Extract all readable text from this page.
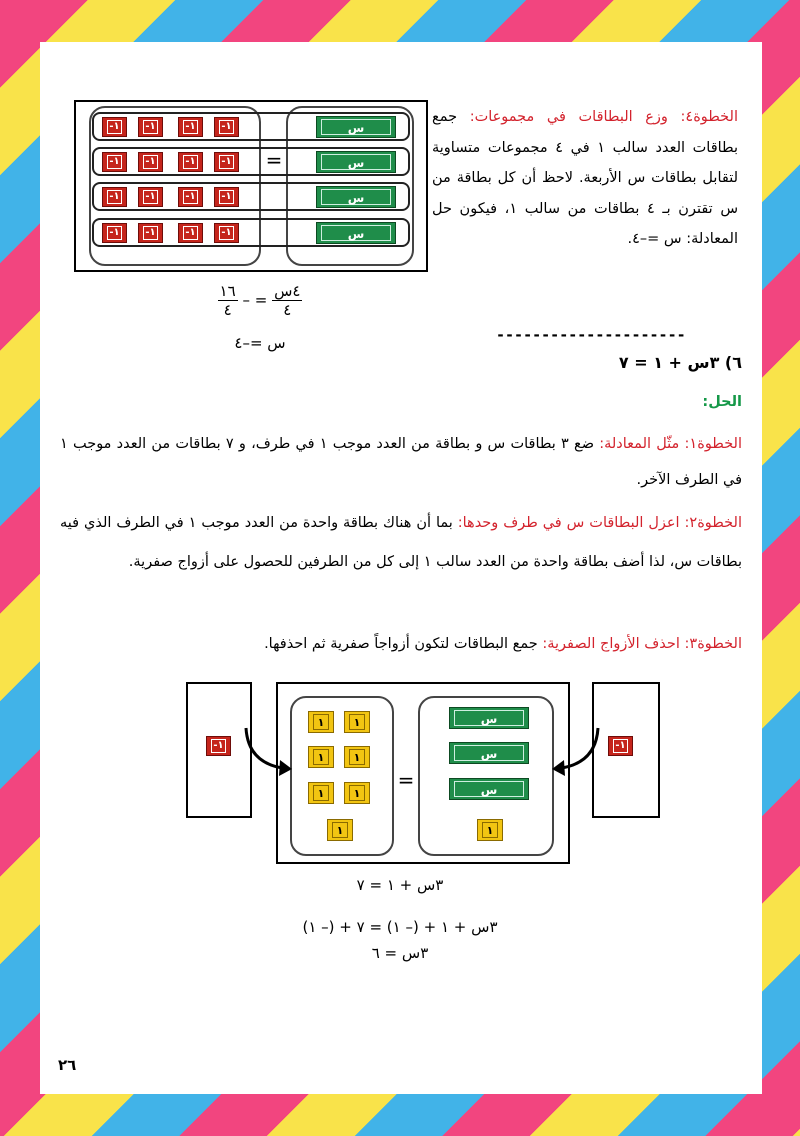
=
-١	-١	-١	-١	س
-١	-١	-١	-١	س
-١	-١	-١	-١	س
-١	-١	-١	-١	س
$\frac{\text{٤س}}{٤}$
= –
$\frac{١٦}{٤}$
س =–٤
الخطوة٤: وزع البطاقات في مجموعات: جمع بطاقات العدد سالب ١ في ٤ مجموعات متساوية لتقابل بطاقات س الأربعة. لاحظ أن كل بطاقة من س تقترن بـ ٤ بطاقات من سالب ١، فيكون حل المعادلة: س =–٤.
---------------------
٦) ٣س + ١ = ٧
الحل:
الخطوة١: مثّل المعادلة: ضع ٣ بطاقات س و بطاقة من العدد موجب ١ في طرف، و ٧ بطاقات من العدد موجب ١ في الطرف الآخر.
الخطوة٢: اعزل البطاقات س في طرف وحدها: بما أن هناك بطاقة واحدة من العدد موجب ١ في الطرف الذي فيه بطاقات س، لذا أضف بطاقة واحدة من العدد سالب ١ إلى كل من الطرفين للحصول على أزواج صفرية.
الخطوة٣: احذف الأزواج الصفرية: جمع البطاقات لتكون أزواجاً صفرية ثم احذفها.
=
٣س + ١ = ٧
٣س + ١ + (– ١) = ٧ + (– ١)
٣س = ٦
٢٦
١	١
١	١
١	١
١
س
س
س
١
-١	-١
